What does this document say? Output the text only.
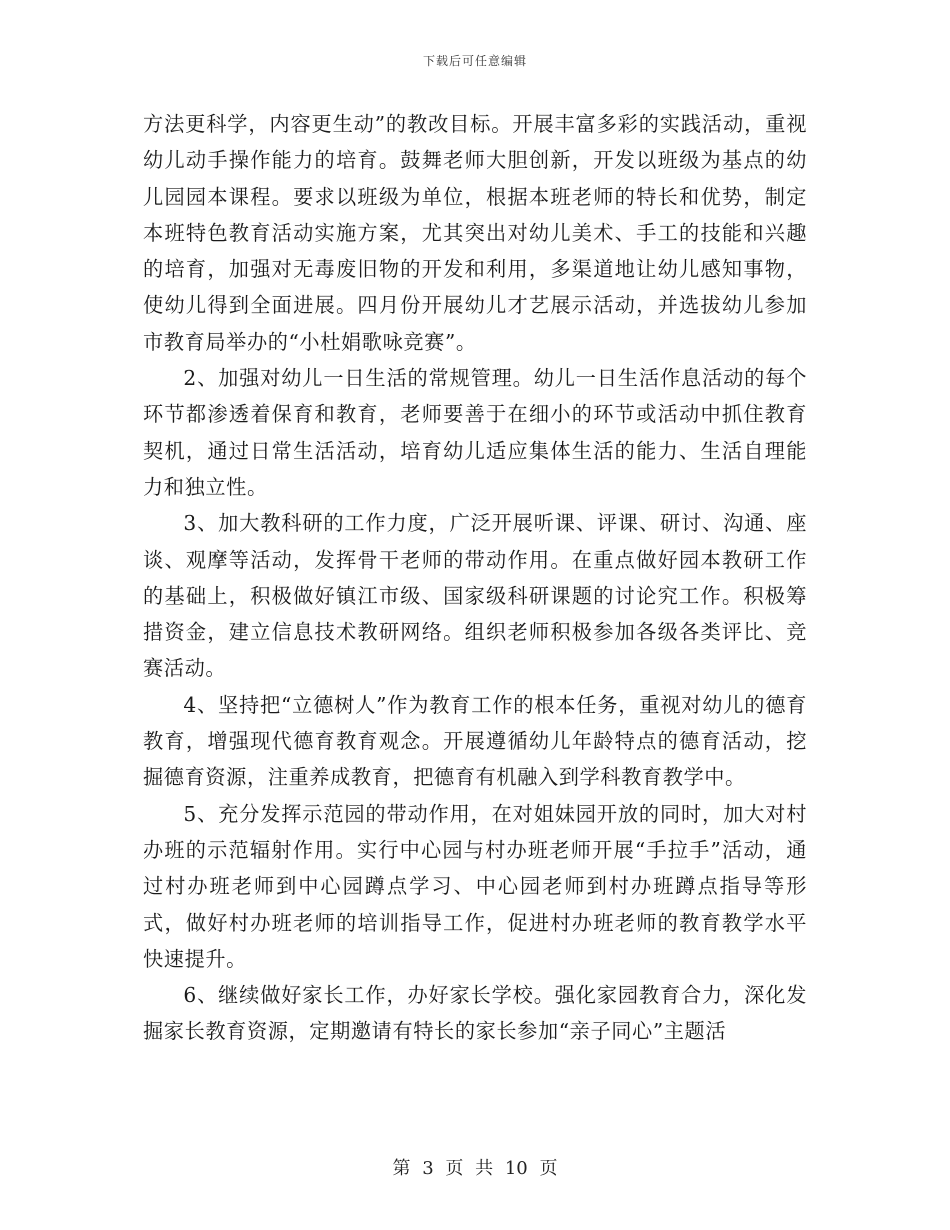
下载后可任意编辑

方法更科学，内容更生动”的教改目标。开展丰富多彩的实践活动，重视幼儿动手操作能力的培育。鼓舞老师大胆创新，开发以班级为基点的幼儿园园本课程。要求以班级为单位，根据本班老师的特长和优势，制定本班特色教育活动实施方案，尤其突出对幼儿美术、手工的技能和兴趣的培育，加强对无毒废旧物的开发和利用，多渠道地让幼儿感知事物，使幼儿得到全面进展。四月份开展幼儿才艺展示活动，并选拔幼儿参加市教育局举办的“小杜娟歌咏竞赛”。

2、加强对幼儿一日生活的常规管理。幼儿一日生活作息活动的每个环节都渗透着保育和教育，老师要善于在细小的环节或活动中抓住教育契机，通过日常生活活动，培育幼儿适应集体生活的能力、生活自理能力和独立性。

3、加大教科研的工作力度，广泛开展听课、评课、研讨、沟通、座谈、观摩等活动，发挥骨干老师的带动作用。在重点做好园本教研工作的基础上，积极做好镇江市级、国家级科研课题的讨论究工作。积极筹措资金，建立信息技术教研网络。组织老师积极参加各级各类评比、竞赛活动。

4、坚持把“立德树人”作为教育工作的根本任务，重视对幼儿的德育教育，增强现代德育教育观念。开展遵循幼儿年龄特点的德育活动，挖掘德育资源，注重养成教育，把德育有机融入到学科教育教学中。

5、充分发挥示范园的带动作用，在对姐妹园开放的同时，加大对村办班的示范辐射作用。实行中心园与村办班老师开展“手拉手”活动，通过村办班老师到中心园蹲点学习、中心园老师到村办班蹲点指导等形式，做好村办班老师的培训指导工作，促进村办班老师的教育教学水平快速提升。

6、继续做好家长工作，办好家长学校。强化家园教育合力，深化发掘家长教育资源，定期邀请有特长的家长参加“亲子同心”主题活

第 3 页 共 10 页
